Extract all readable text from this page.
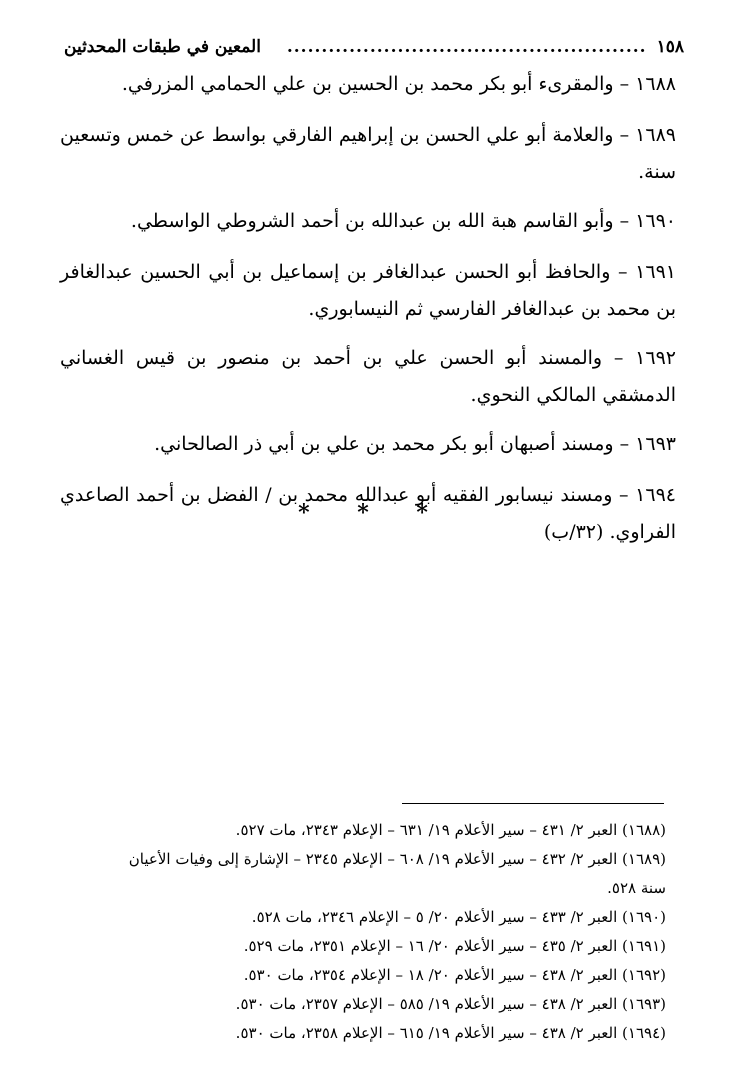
١٥٨
....................................................
المعين في طبقات المحدثين

١٦٨٨ – والمقرىء أبو بكر محمد بن الحسين بن علي الحمامي المزرفي.

١٦٨٩ – والعلامة أبو علي الحسن بن إبراهيم الفارقي بواسط عن خمس وتسعين سنة.

١٦٩٠ – وأبو القاسم هبة الله بن عبدالله بن أحمد الشروطي الواسطي.

١٦٩١ – والحافظ أبو الحسن عبدالغافر بن إسماعيل بن أبي الحسين عبدالغافر بن محمد بن عبدالغافر الفارسي ثم النيسابوري.

١٦٩٢ – والمسند أبو الحسن علي بن أحمد بن منصور بن قيس الغساني الدمشقي المالكي النحوي.

١٦٩٣ – ومسند أصبهان أبو بكر محمد بن علي بن أبي ذر الصالحاني.

١٦٩٤ – ومسند نيسابور الفقيه أبو عبدالله محمد بن / الفضل بن أحمد الصاعدي الفراوي. (٣٢/ب)

* * *

(١٦٨٨) العبر ٢/ ٤٣١ – سير الأعلام ١٩/ ٦٣١ – الإعلام ٢٣٤٣، مات ٥٢٧.

(١٦٨٩) العبر ٢/ ٤٣٢ – سير الأعلام ١٩/ ٦٠٨ – الإعلام ٢٣٤٥ – الإشارة إلى وفيات الأعيان

سنة ٥٢٨.

(١٦٩٠) العبر ٢/ ٤٣٣ – سير الأعلام ٢٠/ ٥ – الإعلام ٢٣٤٦، مات ٥٢٨.

(١٦٩١) العبر ٢/ ٤٣٥ – سير الأعلام ٢٠/ ١٦ – الإعلام ٢٣٥١، مات ٥٢٩.

(١٦٩٢) العبر ٢/ ٤٣٨ – سير الأعلام ٢٠/ ١٨ – الإعلام ٢٣٥٤، مات ٥٣٠.

(١٦٩٣) العبر ٢/ ٤٣٨ – سير الأعلام ١٩/ ٥٨٥ – الإعلام ٢٣٥٧، مات ٥٣٠.

(١٦٩٤) العبر ٢/ ٤٣٨ – سير الأعلام ١٩/ ٦١٥ – الإعلام ٢٣٥٨، مات ٥٣٠.
